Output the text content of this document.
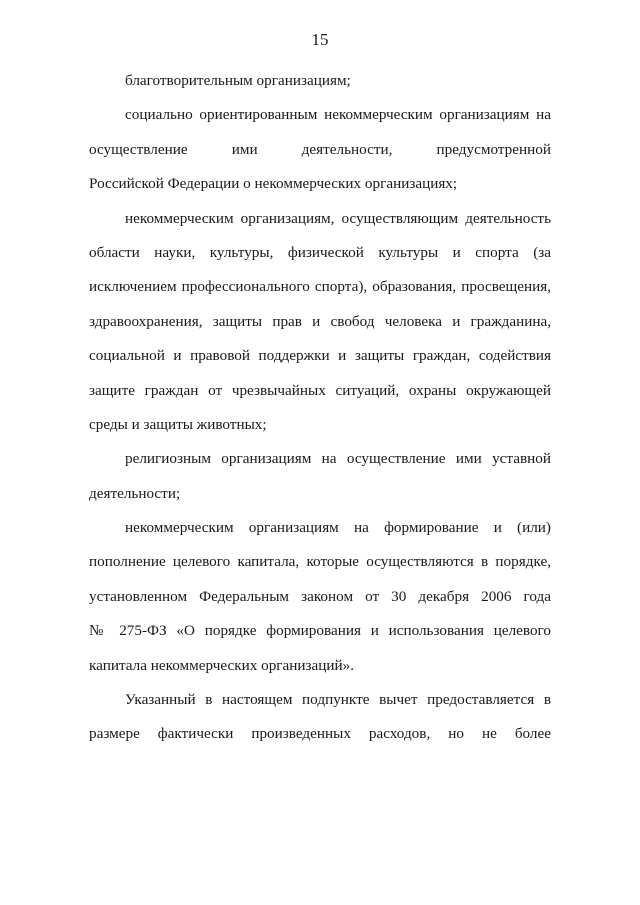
15
благотворительным организациям;
социально ориентированным некоммерческим организациям на
осуществление ими деятельности, предусмотренной
Российской Федерации о некоммерческих организациях;
некоммерческим организациям, осуществляющим деятельность
области науки, культуры, физической культуры и спорта (за
исключением профессионального спорта), образования, просвещения,
здравоохранения, защиты прав и свобод человека и гражданина,
социальной и правовой поддержки и защиты граждан, содействия
защите граждан от чрезвычайных ситуаций, охраны окружающей
среды и защиты животных;
религиозным организациям на осуществление ими уставной
деятельности;
некоммерческим организациям на формирование и (или)
пополнение целевого капитала, которые осуществляются в порядке,
установленном Федеральным законом от 30 декабря 2006 года
№ 275-ФЗ «О порядке формирования и использования целевого
капитала некоммерческих организаций».
Указанный в настоящем подпункте вычет предоставляется в
размере фактически произведенных расходов, но не более
